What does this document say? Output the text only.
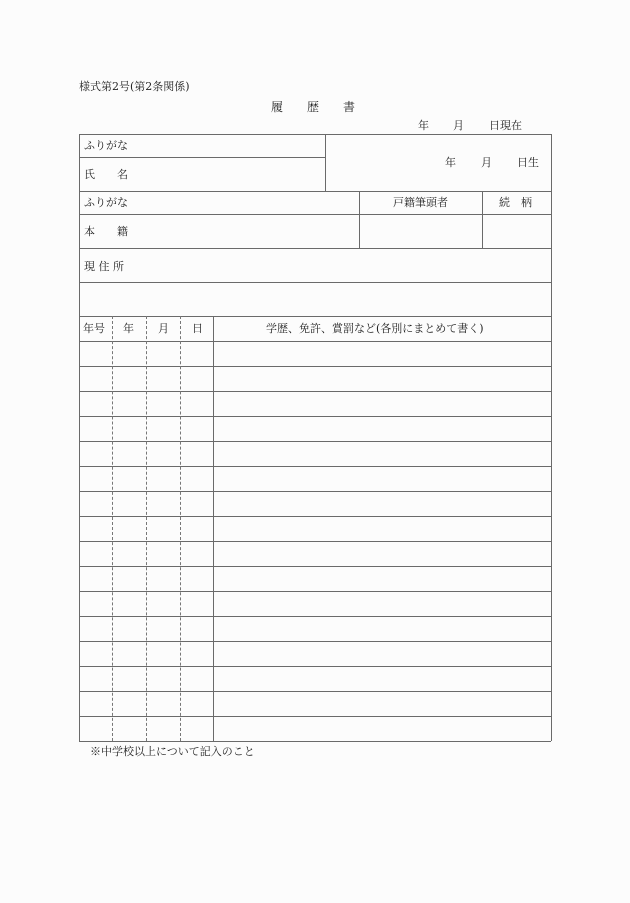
様式第2号(第2条関係)
履　　歴　　書
年 月 日現在
ふりがな
氏　　名
年 月 日生
ふりがな	戸籍筆頭者	続　柄
本　　籍
現 住 所
年号 年 月 日	学歴、免許、賞罰など(各別にまとめて書く)
※中学校以上について記入のこと
